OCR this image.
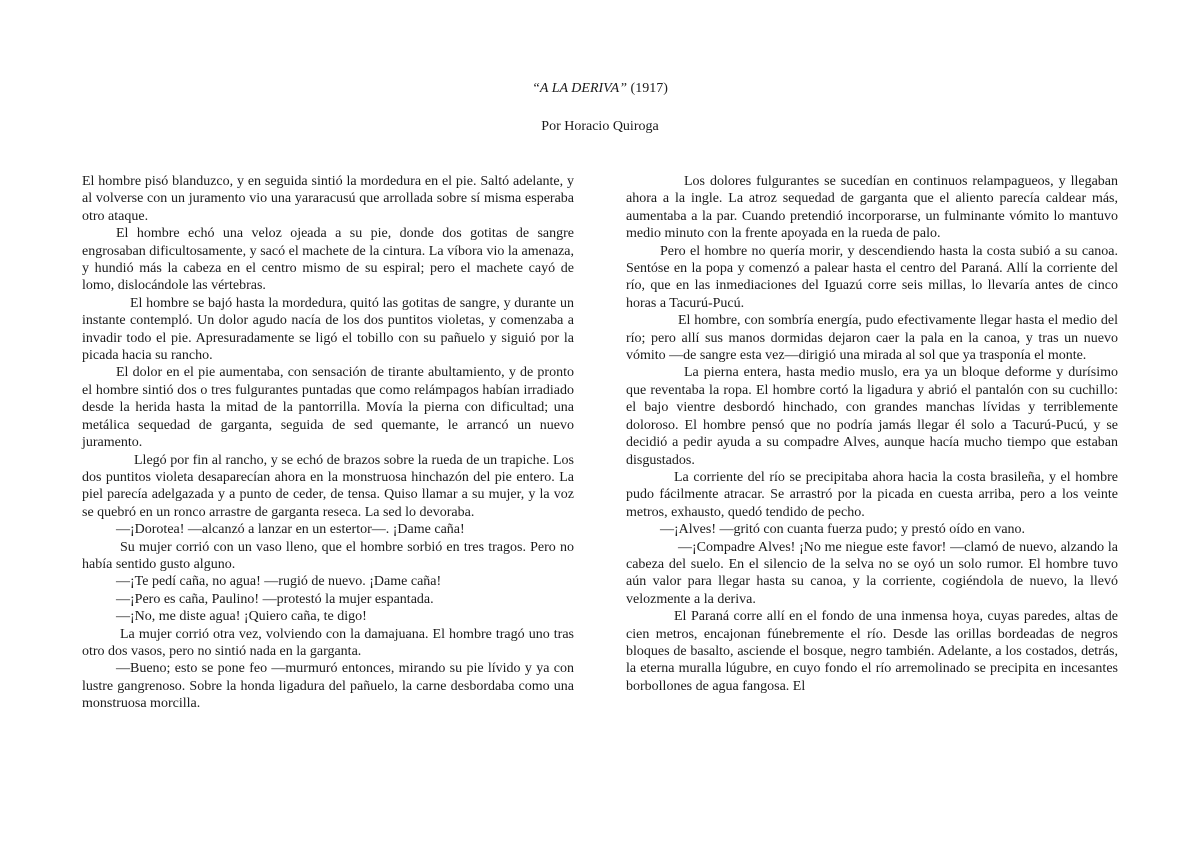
“A LA DERIVA” (1917)
Por Horacio Quiroga

El hombre pisó blanduzco, y en seguida sintió la mordedura en el pie. Saltó adelante, y al volverse con un juramento vio una yararacusú que arrollada sobre sí misma esperaba otro ataque.

El hombre echó una veloz ojeada a su pie, donde dos gotitas de sangre engrosaban dificultosamente, y sacó el machete de la cintura. La víbora vio la amenaza, y hundió más la cabeza en el centro mismo de su espiral; pero el machete cayó de lomo, dislocándole las vértebras.

El hombre se bajó hasta la mordedura, quitó las gotitas de sangre, y durante un instante contempló. Un dolor agudo nacía de los dos puntitos violetas, y comenzaba a invadir todo el pie. Apresuradamente se ligó el tobillo con su pañuelo y siguió por la picada hacia su rancho.

El dolor en el pie aumentaba, con sensación de tirante abultamiento, y de pronto el hombre sintió dos o tres fulgurantes puntadas que como relámpagos habían irradiado desde la herida hasta la mitad de la pantorrilla. Movía la pierna con dificultad; una metálica sequedad de garganta, seguida de sed quemante, le arrancó un nuevo juramento.

Llegó por fin al rancho, y se echó de brazos sobre la rueda de un trapiche. Los dos puntitos violeta desaparecían ahora en la monstruosa hinchazón del pie entero. La piel parecía adelgazada y a punto de ceder, de tensa. Quiso llamar a su mujer, y la voz se quebró en un ronco arrastre de garganta reseca. La sed lo devoraba.

—¡Dorotea! —alcanzó a lanzar en un estertor—. ¡Dame caña!

Su mujer corrió con un vaso lleno, que el hombre sorbió en tres tragos. Pero no había sentido gusto alguno.

—¡Te pedí caña, no agua! —rugió de nuevo. ¡Dame caña!

—¡Pero es caña, Paulino! —protestó la mujer espantada.

—¡No, me diste agua! ¡Quiero caña, te digo!

La mujer corrió otra vez, volviendo con la damajuana. El hombre tragó uno tras otro dos vasos, pero no sintió nada en la garganta.

—Bueno; esto se pone feo —murmuró entonces, mirando su pie lívido y ya con lustre gangrenoso. Sobre la honda ligadura del pañuelo, la carne desbordaba como una monstruosa morcilla.

Los dolores fulgurantes se sucedían en continuos relampagueos, y llegaban ahora a la ingle. La atroz sequedad de garganta que el aliento parecía caldear más, aumentaba a la par. Cuando pretendió incorporarse, un fulminante vómito lo mantuvo medio minuto con la frente apoyada en la rueda de palo.

Pero el hombre no quería morir, y descendiendo hasta la costa subió a su canoa. Sentóse en la popa y comenzó a palear hasta el centro del Paraná. Allí la corriente del río, que en las inmediaciones del Iguazú corre seis millas, lo llevaría antes de cinco horas a Tacurú-Pucú.

El hombre, con sombría energía, pudo efectivamente llegar hasta el medio del río; pero allí sus manos dormidas dejaron caer la pala en la canoa, y tras un nuevo vómito —de sangre esta vez—dirigió una mirada al sol que ya trasponía el monte.

La pierna entera, hasta medio muslo, era ya un bloque deforme y durísimo que reventaba la ropa. El hombre cortó la ligadura y abrió el pantalón con su cuchillo: el bajo vientre desbordó hinchado, con grandes manchas lívidas y terriblemente doloroso. El hombre pensó que no podría jamás llegar él solo a Tacurú-Pucú, y se decidió a pedir ayuda a su compadre Alves, aunque hacía mucho tiempo que estaban disgustados.

La corriente del río se precipitaba ahora hacia la costa brasileña, y el hombre pudo fácilmente atracar. Se arrastró por la picada en cuesta arriba, pero a los veinte metros, exhausto, quedó tendido de pecho.

—¡Alves! —gritó con cuanta fuerza pudo; y prestó oído en vano.

—¡Compadre Alves! ¡No me niegue este favor! —clamó de nuevo, alzando la cabeza del suelo. En el silencio de la selva no se oyó un solo rumor. El hombre tuvo aún valor para llegar hasta su canoa, y la corriente, cogiéndola de nuevo, la llevó velozmente a la deriva.

El Paraná corre allí en el fondo de una inmensa hoya, cuyas paredes, altas de cien metros, encajonan fúnebremente el río. Desde las orillas bordeadas de negros bloques de basalto, asciende el bosque, negro también. Adelante, a los costados, detrás, la eterna muralla lúgubre, en cuyo fondo el río arremolinado se precipita en incesantes borbollones de agua fangosa. El
